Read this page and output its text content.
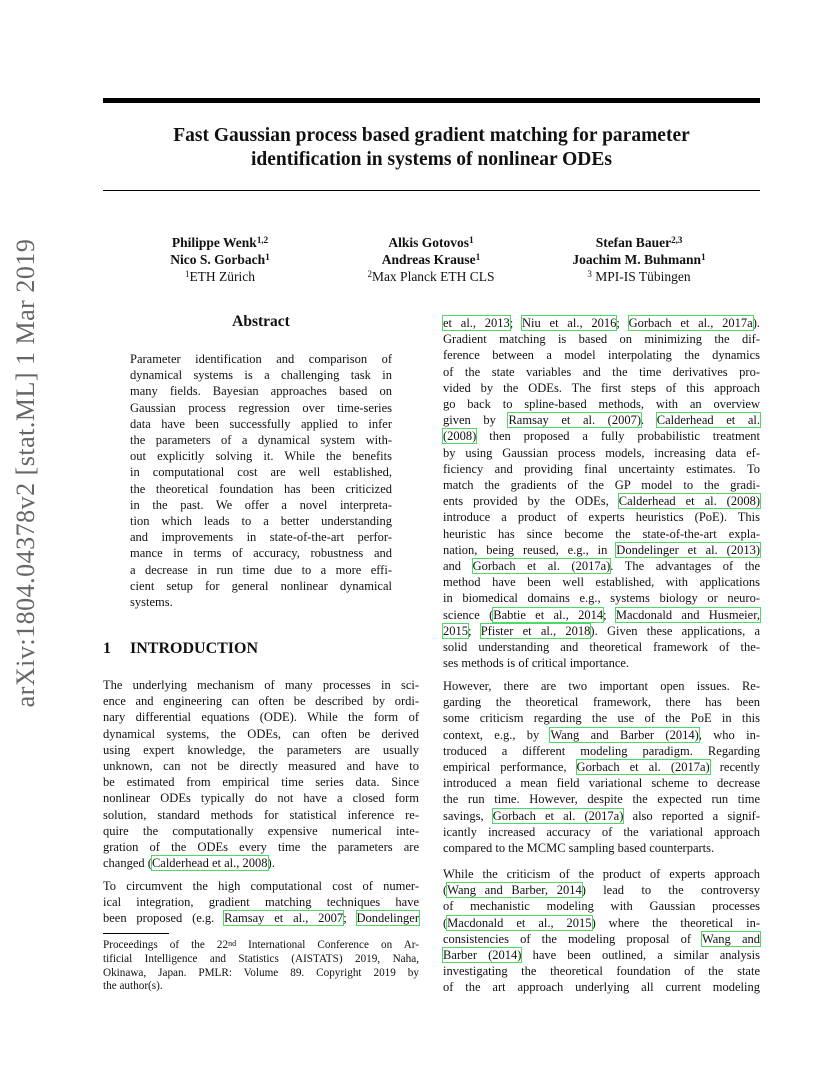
Fast Gaussian process based gradient matching for parameter
identification in systems of nonlinear ODEs
Philippe Wenk$^{1,2}$
Nico S. Gorbach$^1$
$^1$ETH Zürich
Alkis Gotovos$^1$
Andreas Krause$^1$
$^2$Max Planck ETH CLS
Stefan Bauer$^{2,3}$
Joachim M. Buhmann$^1$
$^3$ MPI-IS Tübingen
arXiv:1804.04378v2 [stat.ML] 1 Mar 2019	Abstract
Parameter identification and comparison of
dynamical systems is a challenging task in
many fields. Bayesian approaches based on
Gaussian process regression over time-series
data have been successfully applied to infer
the parameters of a dynamical system with-
out explicitly solving it. While the benefits
in computational cost are well established,
the theoretical foundation has been criticized
in the past. We offer a novel interpreta-
tion which leads to a better understanding
and improvements in state-of-the-art perfor-
mance in terms of accuracy, robustness and
a decrease in run time due to a more effi-
cient setup for general nonlinear dynamical
systems.
1 INTRODUCTION
The underlying mechanism of many processes in sci-
ence and engineering can often be described by ordi-
nary differential equations (ODE). While the form of
dynamical systems, the ODEs, can often be derived
using expert knowledge, the parameters are usually
unknown, can not be directly measured and have to
be estimated from empirical time series data. Since
nonlinear ODEs typically do not have a closed form
solution, standard methods for statistical inference re-
quire the computationally expensive numerical inte-
gration of the ODEs every time the parameters are
changed (Calderhead et al., 2008).
To circumvent the high computational cost of numer-
ical integration, gradient matching techniques have
been proposed (e.g. Ramsay et al., 2007; Dondelinger
Proceedings of the 22nd International Conference on Ar-
tificial Intelligence and Statistics (AISTATS) 2019, Naha,
Okinawa, Japan. PMLR: Volume 89. Copyright 2019 by
the author(s).
et al., 2013; Niu et al., 2016; Gorbach et al., 2017a).
Gradient matching is based on minimizing the dif-
ference between a model interpolating the dynamics
of the state variables and the time derivatives pro-
vided by the ODEs. The first steps of this approach
go back to spline-based methods, with an overview
given by Ramsay et al. (2007). Calderhead et al.
(2008) then proposed a fully probabilistic treatment
by using Gaussian process models, increasing data ef-
ficiency and providing final uncertainty estimates. To
match the gradients of the GP model to the gradi-
ents provided by the ODEs, Calderhead et al. (2008)
introduce a product of experts heuristics (PoE). This
heuristic has since become the state-of-the-art expla-
nation, being reused, e.g., in Dondelinger et al. (2013)
and Gorbach et al. (2017a). The advantages of the
method have been well established, with applications
in biomedical domains e.g., systems biology or neuro-
science (Babtie et al., 2014; Macdonald and Husmeier,
2015; Pfister et al., 2018). Given these applications, a
solid understanding and theoretical framework of the-
ses methods is of critical importance.
However, there are two important open issues. Re-
garding the theoretical framework, there has been
some criticism regarding the use of the PoE in this
context, e.g., by Wang and Barber (2014), who in-
troduced a different modeling paradigm. Regarding
empirical performance, Gorbach et al. (2017a) recently
introduced a mean field variational scheme to decrease
the run time. However, despite the expected run time
savings, Gorbach et al. (2017a) also reported a signif-
icantly increased accuracy of the variational approach
compared to the MCMC sampling based counterparts.
While the criticism of the product of experts approach
(Wang and Barber, 2014)  lead  to  the  controversy
of mechanistic modeling with Gaussian processes
(Macdonald et al., 2015) where the theoretical in-
consistencies of the modeling proposal of Wang and
Barber (2014) have been outlined, a similar analysis
investigating the theoretical foundation of the state
of the art approach underlying all current modeling
